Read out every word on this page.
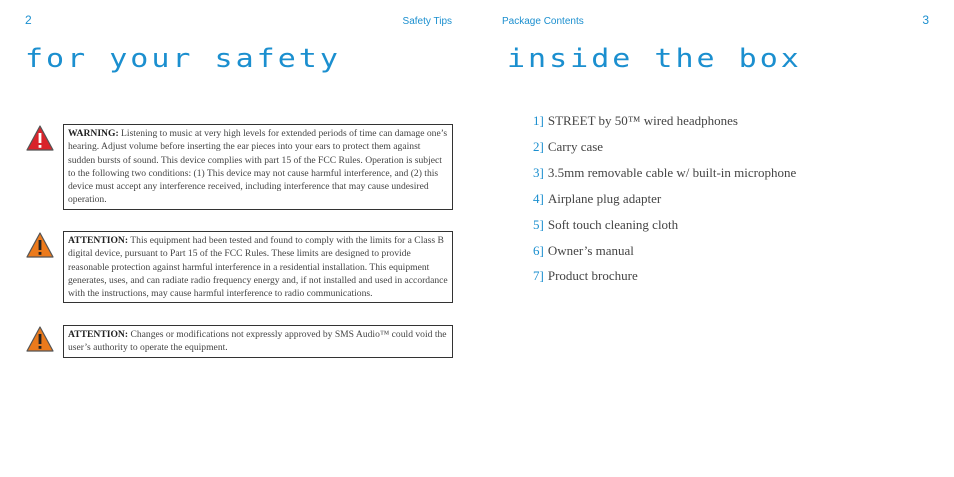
2	Safety Tips
for your safety
WARNING: Listening to music at very high levels for extended periods of time can damage one’s hearing. Adjust volume before inserting the ear pieces into your ears to protect them against sudden bursts of sound. This device complies with part 15 of the FCC Rules. Operation is subject to the following two conditions: (1) This device may not cause harmful interference, and (2) this device must accept any interference received, including interference that may cause undesired operation.
ATTENTION: This equipment had been tested and found to comply with the limits for a Class B digital device, pursuant to Part 15 of the FCC Rules. These limits are designed to provide reasonable protection against harmful interference in a residential installation. This equipment generates, uses, and can radiate radio frequency energy and, if not installed and used in accordance with the instructions, may cause harmful interference to radio communications.
ATTENTION: Changes or modifications not expressly approved by SMS Audio™ could void the user’s authority to operate the equipment.
3
Package Contents
inside the box
1] STREET by 50™ wired headphones
2] Carry case
3] 3.5mm removable cable w/ built-in microphone
4] Airplane plug adapter
5] Soft touch cleaning cloth
6] Owner’s manual
7] Product brochure
